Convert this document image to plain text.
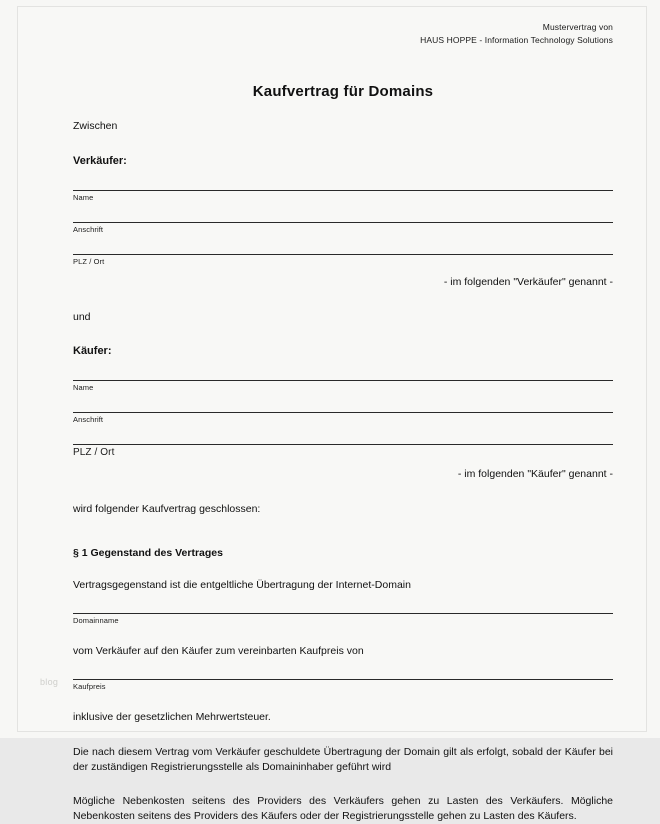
Mustervertrag von
HAUS HOPPE - Information Technology Solutions
Kaufvertrag für Domains
Zwischen
Verkäufer:
Name
Anschrift
PLZ / Ort
- im folgenden "Verkäufer" genannt -
und
Käufer:
Name
Anschrift
PLZ / Ort
- im folgenden "Käufer" genannt -
wird folgender Kaufvertrag geschlossen:
§ 1 Gegenstand des Vertrages
Vertragsgegenstand ist die entgeltliche Übertragung der Internet-Domain
Domainname
vom Verkäufer auf den Käufer zum vereinbarten Kaufpreis von
Kaufpreis
inklusive der gesetzlichen Mehrwertsteuer.
Die nach diesem Vertrag vom Verkäufer geschuldete Übertragung der Domain gilt als erfolgt, sobald der Käufer bei der zuständigen Registrierungsstelle als Domaininhaber geführt wird
Mögliche Nebenkosten seitens des Providers des Verkäufers gehen zu Lasten des Verkäufers. Mögliche Nebenkosten seitens des Providers des Käufers oder der Registrierungsstelle gehen zu Lasten des Käufers.
blog
